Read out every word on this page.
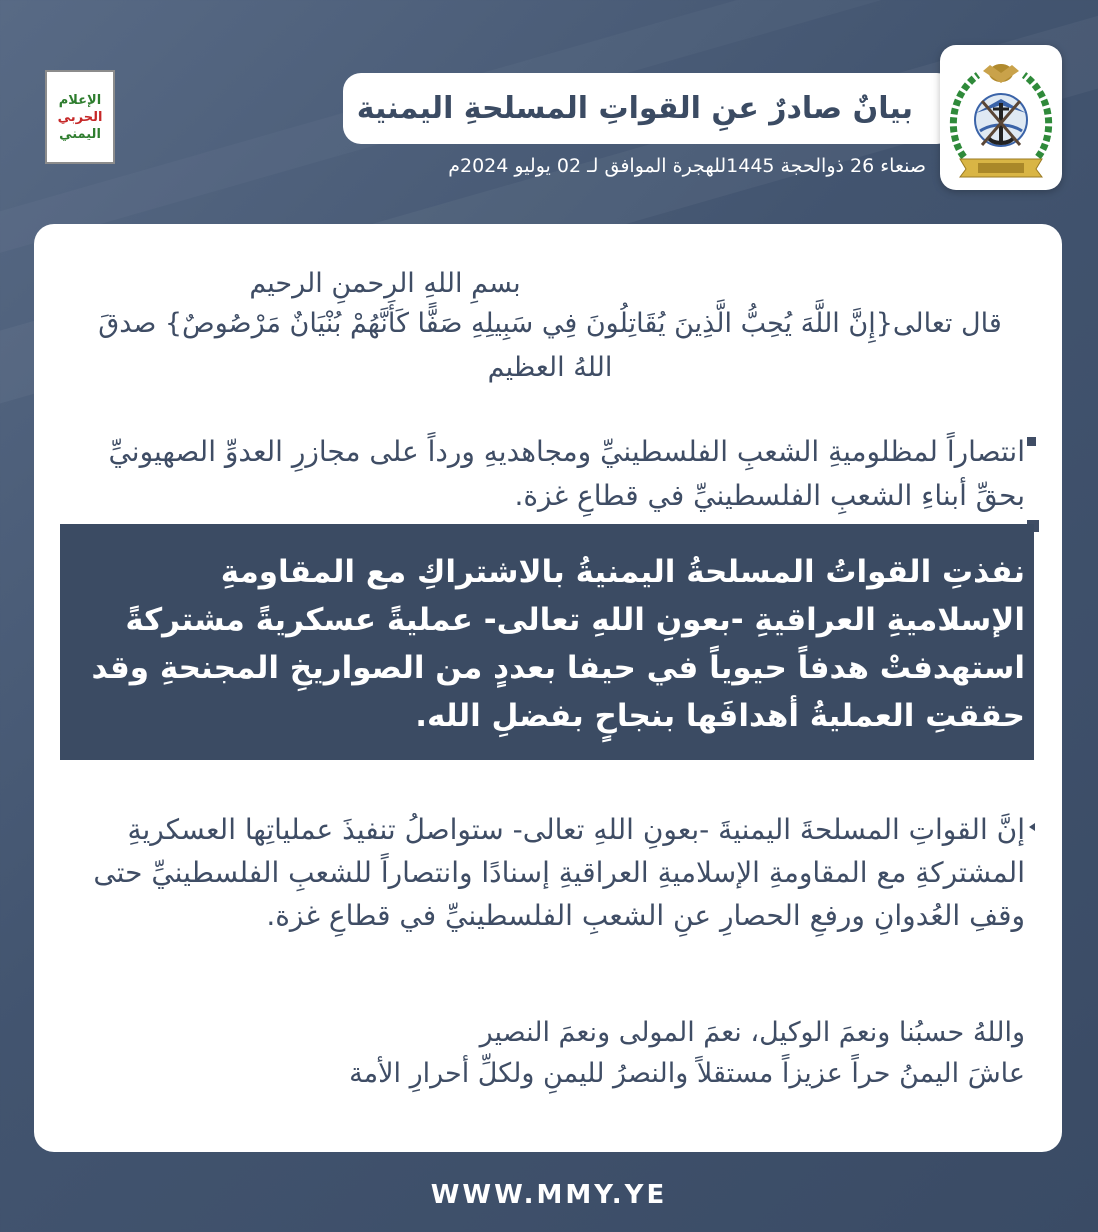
الإعلام
الحربي
اليمني
بيانٌ صادرٌ عنِ القواتِ المسلحةِ اليمنية
صنعاء 26 ذوالحجة 1445للهجرة الموافق لـ 02 يوليو 2024م

بسمِ اللهِ الرحمنِ الرحيم

قال تعالى{إِنَّ اللَّهَ يُحِبُّ الَّذِينَ يُقَاتِلُونَ فِي سَبِيلِهِ صَفًّا كَأَنَّهُمْ بُنْيَانٌ مَرْصُوصٌ} صدقَ اللهُ العظيم

انتصاراً لمظلوميةِ الشعبِ الفلسطينيِّ ومجاهديهِ ورداً على مجازرِ العدوِّ الصهيونيِّ بحقِّ أبناءِ الشعبِ الفلسطينيِّ في قطاعِ غزة.

نفذتِ القواتُ المسلحةُ اليمنيةُ بالاشتراكِ مع المقاومةِ الإسلاميةِ العراقيةِ -بعونِ اللهِ تعالى- عمليةً عسكريةً مشتركةً استهدفتْ هدفاً حيوياً في حيفا بعددٍ من الصواريخِ المجنحةِ وقد حققتِ العمليةُ أهدافَها بنجاحٍ بفضلِ الله.

إنَّ القواتِ المسلحةَ اليمنيةَ -بعونِ اللهِ تعالى- ستواصلُ تنفيذَ عملياتِها العسكريةِ المشتركةِ مع المقاومةِ الإسلاميةِ العراقيةِ إسنادًا وانتصاراً للشعبِ الفلسطينيِّ حتى وقفِ العُدوانِ ورفعِ الحصارِ عنِ الشعبِ الفلسطينيِّ في قطاعِ غزة.

واللهُ حسبُنا ونعمَ الوكيل، نعمَ المولى ونعمَ النصير
عاشَ اليمنُ حراً عزيزاً مستقلاً والنصرُ لليمنِ ولكلِّ أحرارِ الأمة

WWW.MMY.YE
